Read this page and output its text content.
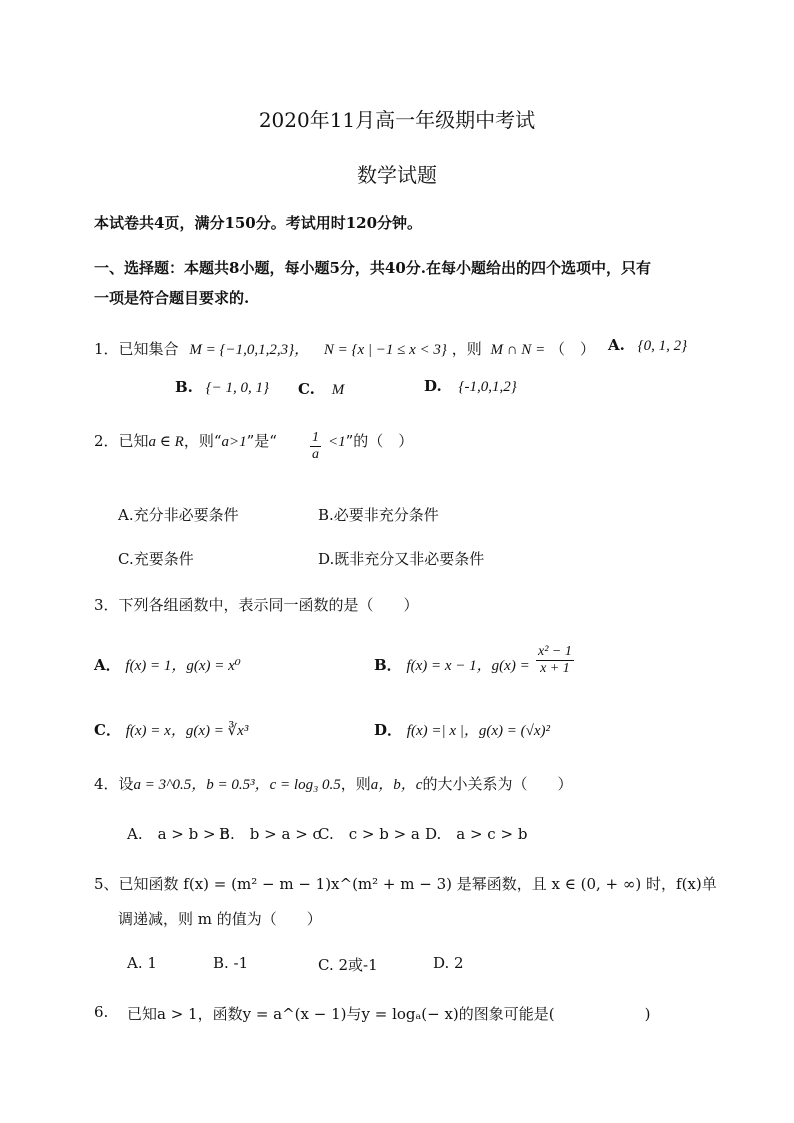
2020年11月高一年级期中考试
数学试题
本试卷共4页，满分150分。考试用时120分钟。
一、选择题：本题共8小题，每小题5分，共40分.在每小题给出的四个选项中，只有
一项是符合题目要求的.
1．已知集合 M = {−1,0,1,2,3}， N = {x | −1 ≤ x < 3} ，则 M ∩ N = （　） A. {0, 1, 2}
B. {− 1, 0, 1} C. M	D. {-1,0,1,2}
2．已知a ∈ R，则“a>1”是“ $\frac{1}{a} <1$”的（　）
A.充分非必要条件	B.必要非充分条件
C.充要条件	D.既非充分又非必要条件
3．下列各组函数中，表示同一函数的是（　　）
A． f(x) = 1，g(x) = x⁰	B． f(x) = x − 1，$g(x) = \frac{\text{x² − 1}}{x + 1}$
C． f(x) = x，g(x) = ∛x³	D． f(x) =| x |，g(x) = (√x)²
4．设a = 3^0.5，b = 0.5³，c = log₃ 0.5，则a，b，c的大小关系为（　　）
A.　a > b > c
B.　b > a > c
C.　c > b > a D.　a > c > b
5、已知函数 f(x) = (m² − m − 1)x^(m² + m − 3) 是幂函数，且 x ∈ (0, + ∞) 时，f(x)单
调递减，则 m 的值为（　　）
A. 1	B. -1	C. 2或-1	D. 2
6. 已知a > 1，函数y = a^(x − 1)与y = logₐ(− x)的图象可能是(　　　　　　)
